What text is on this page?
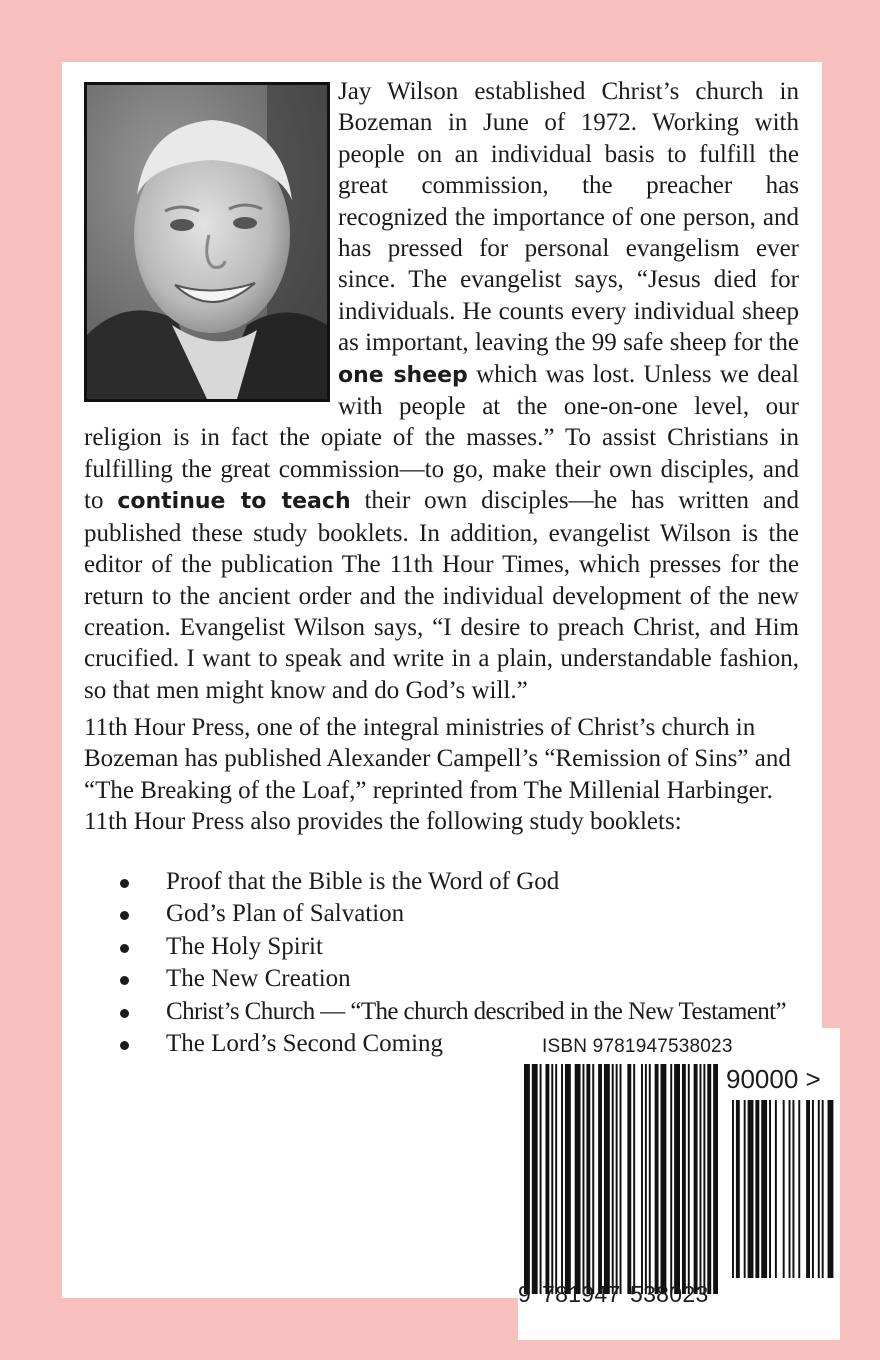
Jay Wilson established Christ’s church in Bozeman in June of 1972. Working with people on an individual basis to fulfill the great commission, the preacher has recognized the importance of one person, and has pressed for personal evangelism ever since. The evangelist says, “Jesus died for individuals. He counts every individual sheep as important, leaving the 99 safe sheep for the one sheep which was lost. Unless we deal with people at the one-on-one level, our religion is in fact the opiate of the masses.” To assist Christians in fulfilling the great commission—to go, make their own disciples, and to continue to teach their own disciples—he has written and published these study booklets. In addition, evangelist Wilson is the editor of the publication The 11th Hour Times, which presses for the return to the ancient order and the individual development of the new creation. Evangelist Wilson says, “I desire to preach Christ, and Him crucified. I want to speak and write in a plain, understandable fashion, so that men might know and do God’s will.”

11th Hour Press, one of the integral ministries of Christ’s church in Bozeman has published Alexander Campell’s “Remission of Sins” and “The Breaking of the Loaf,” reprinted from The Millenial Harbinger. 11th Hour Press also provides the following study booklets:

Proof that the Bible is the Word of God
God’s Plan of Salvation
The Holy Spirit
The New Creation
Christ’s Church — “The church described in the New Testament”
The Lord’s Second Coming	ISBN 9781947538023
90000 >
9 781947 538023
